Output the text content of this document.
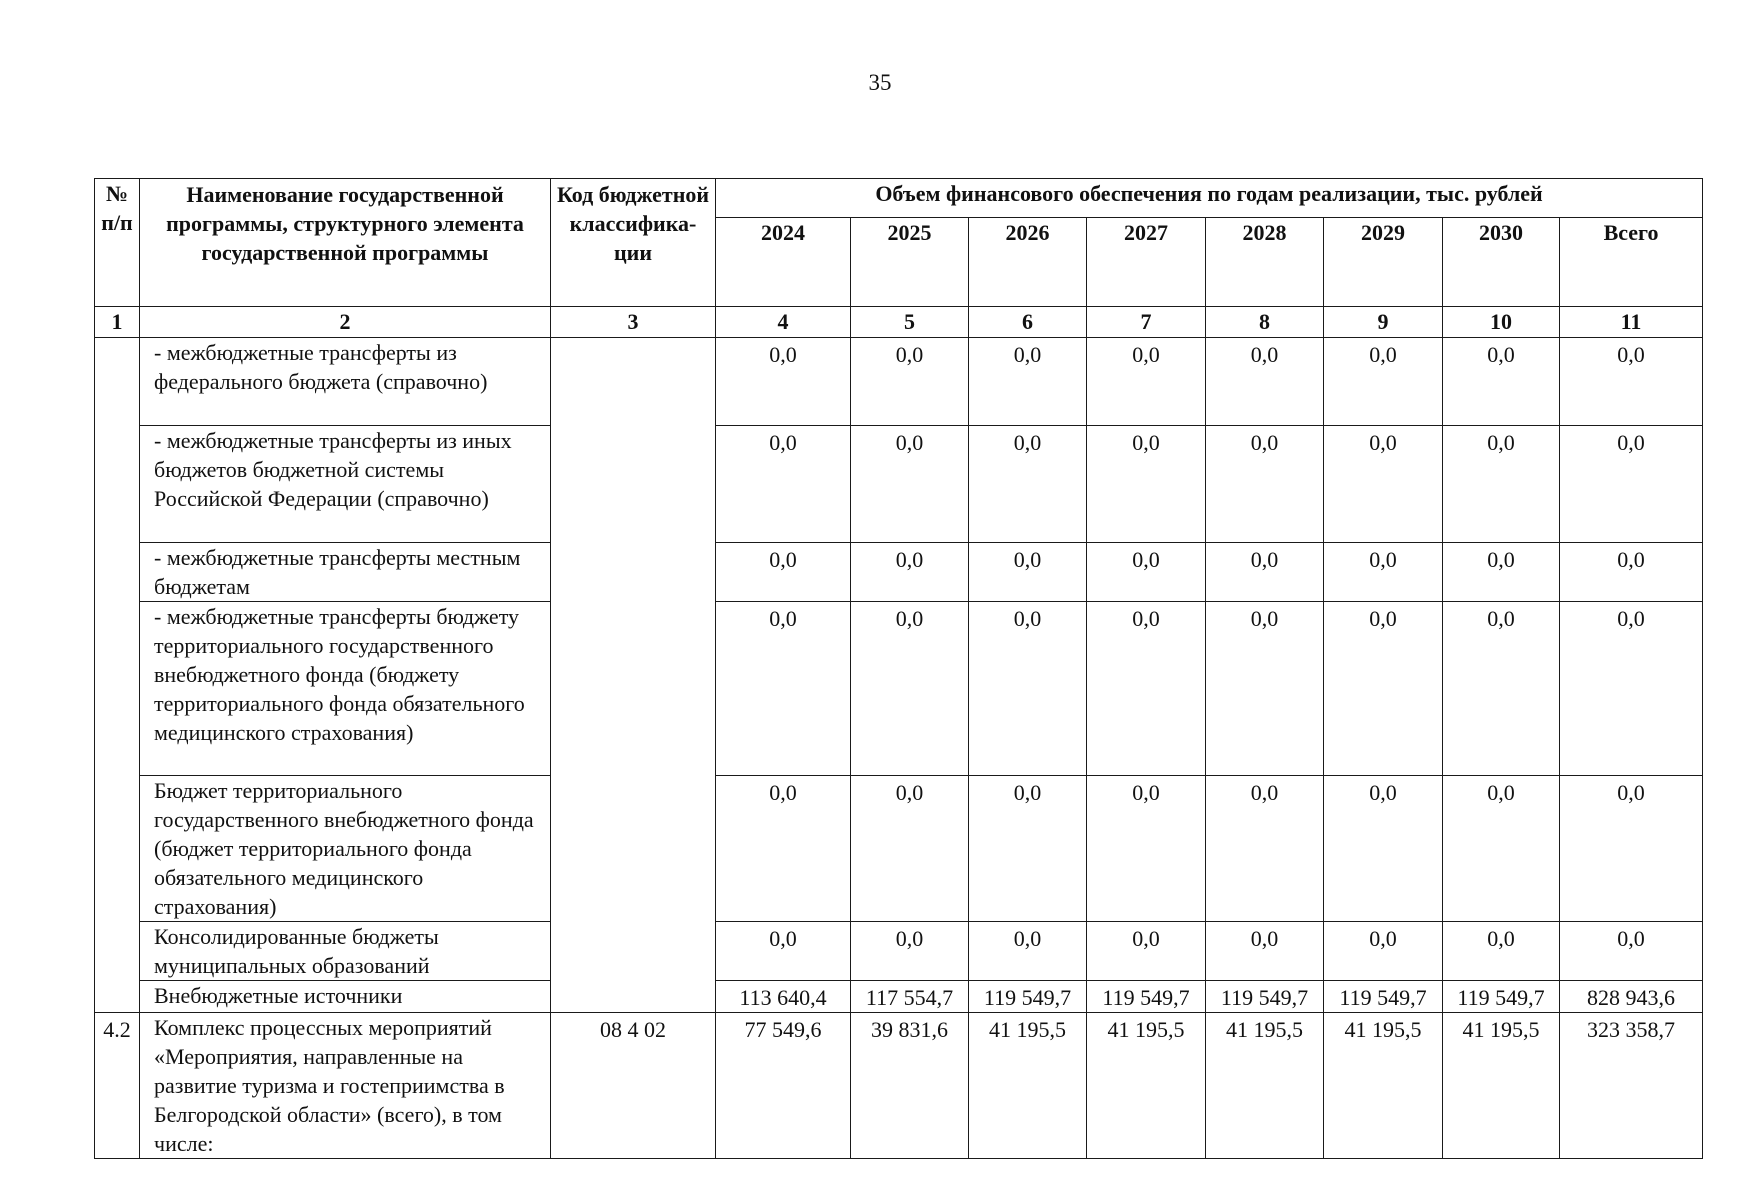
35
№ п/п	Наименование государственной программы, структурного элемента государственной программы	Код бюджетной классифика-ции	Объем финансового обеспечения по годам реализации, тыс. рублей							
			2024	2025	2026	2027	2028	2029	2030	Всего
1	2	3	4	5	6	7	8	9	10	11

	- межбюджетные трансферты из федерального бюджета (справочно)		0,0	0,0	0,0	0,0	0,0	0,0	0,0	0,0
	- межбюджетные трансферты из иных бюджетов бюджетной системы Российской Федерации (справочно)		0,0	0,0	0,0	0,0	0,0	0,0	0,0	0,0
	- межбюджетные трансферты местным бюджетам		0,0	0,0	0,0	0,0	0,0	0,0	0,0	0,0
	- межбюджетные трансферты бюджету территориального государственного внебюджетного фонда (бюджету территориального фонда обязательного медицинского страхования)		0,0	0,0	0,0	0,0	0,0	0,0	0,0	0,0
	Бюджет территориального государственного внебюджетного фонда (бюджет территориального фонда обязательного медицинского страхования)		0,0	0,0	0,0	0,0	0,0	0,0	0,0	0,0
	Консолидированные бюджеты муниципальных образований		0,0	0,0	0,0	0,0	0,0	0,0	0,0	0,0
	Внебюджетные источники		113 640,4	117 554,7	119 549,7	119 549,7	119 549,7	119 549,7	119 549,7	828 943,6
4.2	Комплекс процессных мероприятий «Мероприятия, направленные на развитие туризма и гостеприимства в Белгородской области» (всего), в том числе:	08 4 02	77 549,6	39 831,6	41 195,5	41 195,5	41 195,5	41 195,5	41 195,5	323 358,7
